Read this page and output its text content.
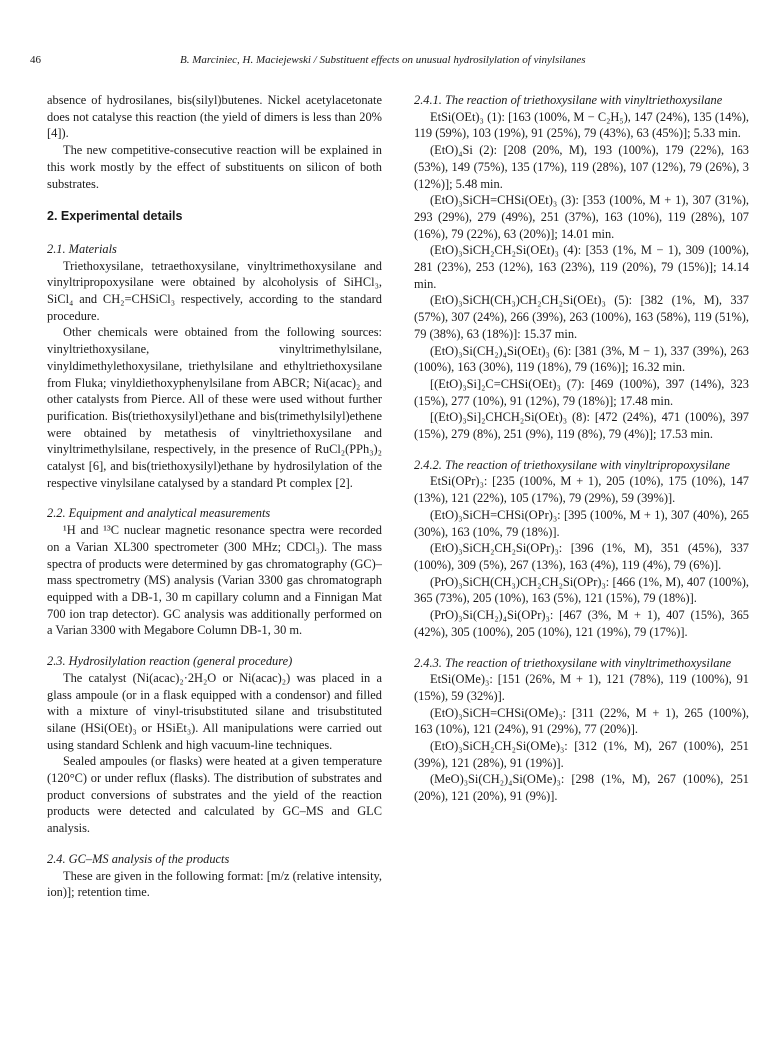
46	B. Marciniec, H. Maciejewski / Substituent effects on unusual hydrosilylation of vinylsilanes

absence of hydrosilanes, bis(silyl)butenes. Nickel acetylacetonate does not catalyse this reaction (the yield of dimers is less than 20% [4]).

The new competitive-consecutive reaction will be explained in this work mostly by the effect of substituents on silicon of both substrates.

2. Experimental details

2.1. Materials

Triethoxysilane, tetraethoxysilane, vinyltrimethoxysilane and vinyltripropoxysilane were obtained by alcoholysis of SiHCl₃, SiCl₄ and CH₂=CHSiCl₃ respectively, according to the standard procedure.

Other chemicals were obtained from the following sources: vinyltriethoxysilane, vinyltrimethylsilane, vinyldimethylethoxysilane, triethylsilane and ethyltriethoxysilane from Fluka; vinyldiethoxyphenylsilane from ABCR; Ni(acac)₂ and other catalysts from Pierce. All of these were used without further purification. Bis(triethoxysilyl)ethane and bis(trimethylsilyl)ethene were obtained by metathesis of vinyltriethoxysilane and vinyltrimethylsilane, respectively, in the presence of RuCl₂(PPh₃)₂ catalyst [6], and bis(triethoxysilyl)ethane by hydrosilylation of the respective vinylsilane catalysed by a standard Pt complex [2].

2.2. Equipment and analytical measurements

¹H and ¹³C nuclear magnetic resonance spectra were recorded on a Varian XL300 spectrometer (300 MHz; CDCl₃). The mass spectra of products were determined by gas chromatography (GC)–mass spectrometry (MS) analysis (Varian 3300 gas chromatograph equipped with a DB-1, 30 m capillary column and a Finnigan Mat 700 ion trap detector). GC analysis was additionally performed on a Varian 3300 with Megabore Column DB-1, 30 m.

2.3. Hydrosilylation reaction (general procedure)

The catalyst (Ni(acac)₂·2H₂O or Ni(acac)₂) was placed in a glass ampoule (or in a flask equipped with a condensor) and filled with a mixture of vinyl-trisubstituted silane and trisubstituted silane (HSi(OEt)₃ or HSiEt₃). All manipulations were carried out using standard Schlenk and high vacuum-line techniques.

Sealed ampoules (or flasks) were heated at a given temperature (120°C) or under reflux (flasks). The distribution of substrates and product conversions of substrates and the yield of the reaction products were detected and calculated by GC–MS and GLC analysis.

2.4. GC–MS analysis of the products

These are given in the following format: [m/z (relative intensity, ion)]; retention time.

2.4.1. The reaction of triethoxysilane with vinyltriethoxysilane

EtSi(OEt)₃ (1): [163 (100%, M − C₂H₅), 147 (24%), 135 (14%), 119 (59%), 103 (19%), 91 (25%), 79 (43%), 63 (45%)]; 5.33 min.

(EtO)₄Si (2): [208 (20%, M), 193 (100%), 179 (22%), 163 (53%), 149 (75%), 135 (17%), 119 (28%), 107 (12%), 79 (26%), 3 (12%)]; 5.48 min.

(EtO)₃SiCH=CHSi(OEt)₃ (3): [353 (100%, M + 1), 307 (31%), 293 (29%), 279 (49%), 251 (37%), 163 (10%), 119 (28%), 107 (16%), 79 (22%), 63 (20%)]; 14.01 min.

(EtO)₃SiCH₂CH₂Si(OEt)₃ (4): [353 (1%, M − 1), 309 (100%), 281 (23%), 253 (12%), 163 (23%), 119 (20%), 79 (15%)]; 14.14 min.

(EtO)₃SiCH(CH₃)CH₂CH₂Si(OEt)₃ (5): [382 (1%, M), 337 (57%), 307 (24%), 266 (39%), 263 (100%), 163 (58%), 119 (51%), 79 (38%), 63 (18%)]: 15.37 min.

(EtO)₃Si(CH₂)₄Si(OEt)₃ (6): [381 (3%, M − 1), 337 (39%), 263 (100%), 163 (30%), 119 (18%), 79 (16%)]; 16.32 min.

[(EtO)₃Si]₂C=CHSi(OEt)₃ (7): [469 (100%), 397 (14%), 323 (15%), 277 (10%), 91 (12%), 79 (18%)]; 17.48 min.

[(EtO)₃Si]₂CHCH₂Si(OEt)₃ (8): [472 (24%), 471 (100%), 397 (15%), 279 (8%), 251 (9%), 119 (8%), 79 (4%)]; 17.53 min.

2.4.2. The reaction of triethoxysilane with vinyltripropoxysilane

EtSi(OPr)₃: [235 (100%, M + 1), 205 (10%), 175 (10%), 147 (13%), 121 (22%), 105 (17%), 79 (29%), 59 (39%)].

(EtO)₃SiCH=CHSi(OPr)₃: [395 (100%, M + 1), 307 (40%), 265 (30%), 163 (10%, 79 (18%)].

(EtO)₃SiCH₂CH₂Si(OPr)₃: [396 (1%, M), 351 (45%), 337 (100%), 309 (5%), 267 (13%), 163 (4%), 119 (4%), 79 (6%)].

(PrO)₃SiCH(CH₃)CH₂CH₂Si(OPr)₃: [466 (1%, M), 407 (100%), 365 (73%), 205 (10%), 163 (5%), 121 (15%), 79 (18%)].

(PrO)₃Si(CH₂)₄Si(OPr)₃: [467 (3%, M + 1), 407 (15%), 365 (42%), 305 (100%), 205 (10%), 121 (19%), 79 (17%)].

2.4.3. The reaction of triethoxysilane with vinyltrimethoxysilane

EtSi(OMe)₃: [151 (26%, M + 1), 121 (78%), 119 (100%), 91 (15%), 59 (32%)].

(EtO)₃SiCH=CHSi(OMe)₃: [311 (22%, M + 1), 265 (100%), 163 (10%), 121 (24%), 91 (29%), 77 (20%)].

(EtO)₃SiCH₂CH₂Si(OMe)₃: [312 (1%, M), 267 (100%), 251 (39%), 121 (28%), 91 (19%)].

(MeO)₃Si(CH₂)₄Si(OMe)₃: [298 (1%, M), 267 (100%), 251 (20%), 121 (20%), 91 (9%)].
